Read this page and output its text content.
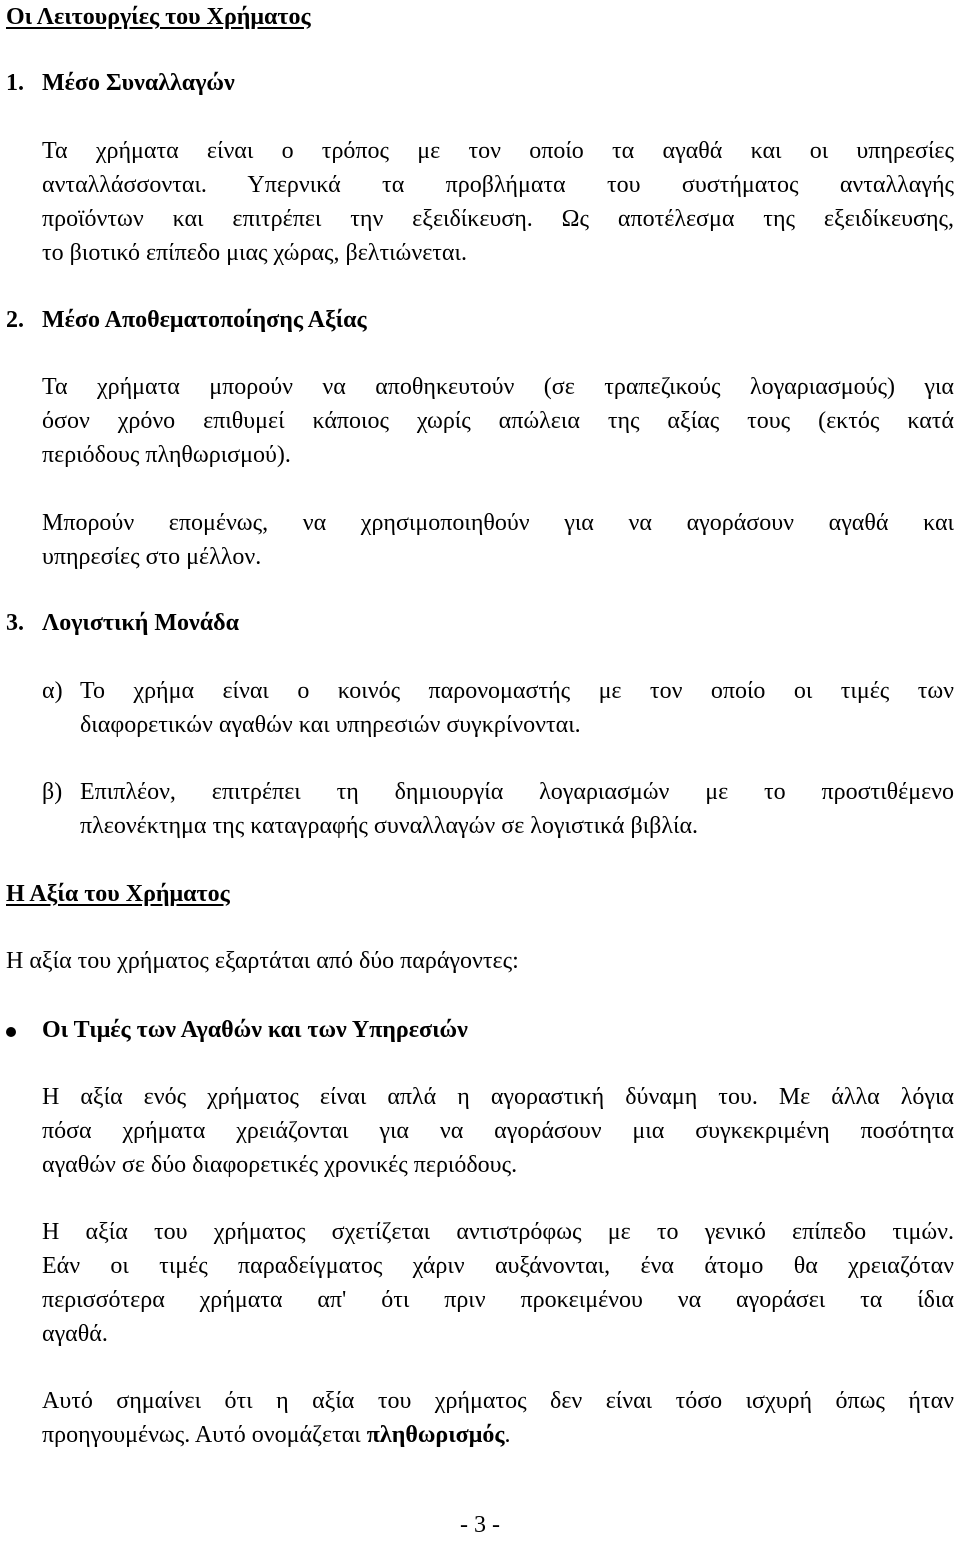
Οι Λειτουργίες του Χρήματος
1. Μέσο Συναλλαγών
Τα χρήματα είναι ο τρόπος με τον οποίο τα αγαθά και οι υπηρεσίες
ανταλλάσσονται. Υπερνικά τα προβλήματα του συστήματος ανταλλαγής
προϊόντων και επιτρέπει την εξειδίκευση. Ως αποτέλεσμα της εξειδίκευσης,
το βιοτικό επίπεδο μιας χώρας, βελτιώνεται.
2. Μέσο Αποθεματοποίησης Αξίας
Τα χρήματα μπορούν να αποθηκευτούν (σε τραπεζικούς λογαριασμούς) για
όσον χρόνο επιθυμεί κάποιος χωρίς απώλεια της αξίας τους (εκτός κατά
περιόδους πληθωρισμού).
Μπορούν επομένως, να χρησιμοποιηθούν για να αγοράσουν αγαθά και
υπηρεσίες στο μέλλον.
3. Λογιστική Μονάδα
α) Το χρήμα είναι ο κοινός παρονομαστής με τον οποίο οι τιμές των
διαφορετικών αγαθών και υπηρεσιών συγκρίνονται.
β) Επιπλέον, επιτρέπει τη δημιουργία λογαριασμών με το προστιθέμενο
πλεονέκτημα της καταγραφής συναλλαγών σε λογιστικά βιβλία.
Η Αξία του Χρήματος
Η αξία του χρήματος εξαρτάται από δύο παράγοντες:
Οι Τιμές των Αγαθών και των Υπηρεσιών
Η αξία ενός χρήματος είναι απλά η αγοραστική δύναμη του. Με άλλα λόγια
πόσα χρήματα χρειάζονται για να αγοράσουν μια συγκεκριμένη ποσότητα
αγαθών σε δύο διαφορετικές χρονικές περιόδους.
Η αξία του χρήματος σχετίζεται αντιστρόφως με το γενικό επίπεδο τιμών.
Εάν οι τιμές παραδείγματος χάριν αυξάνονται, ένα άτομο θα χρειαζόταν
περισσότερα χρήματα απ' ότι πριν προκειμένου να αγοράσει τα ίδια
αγαθά.
Αυτό σημαίνει ότι η αξία του χρήματος δεν είναι τόσο ισχυρή όπως ήταν
προηγουμένως. Αυτό ονομάζεται πληθωρισμός.
- 3 -
